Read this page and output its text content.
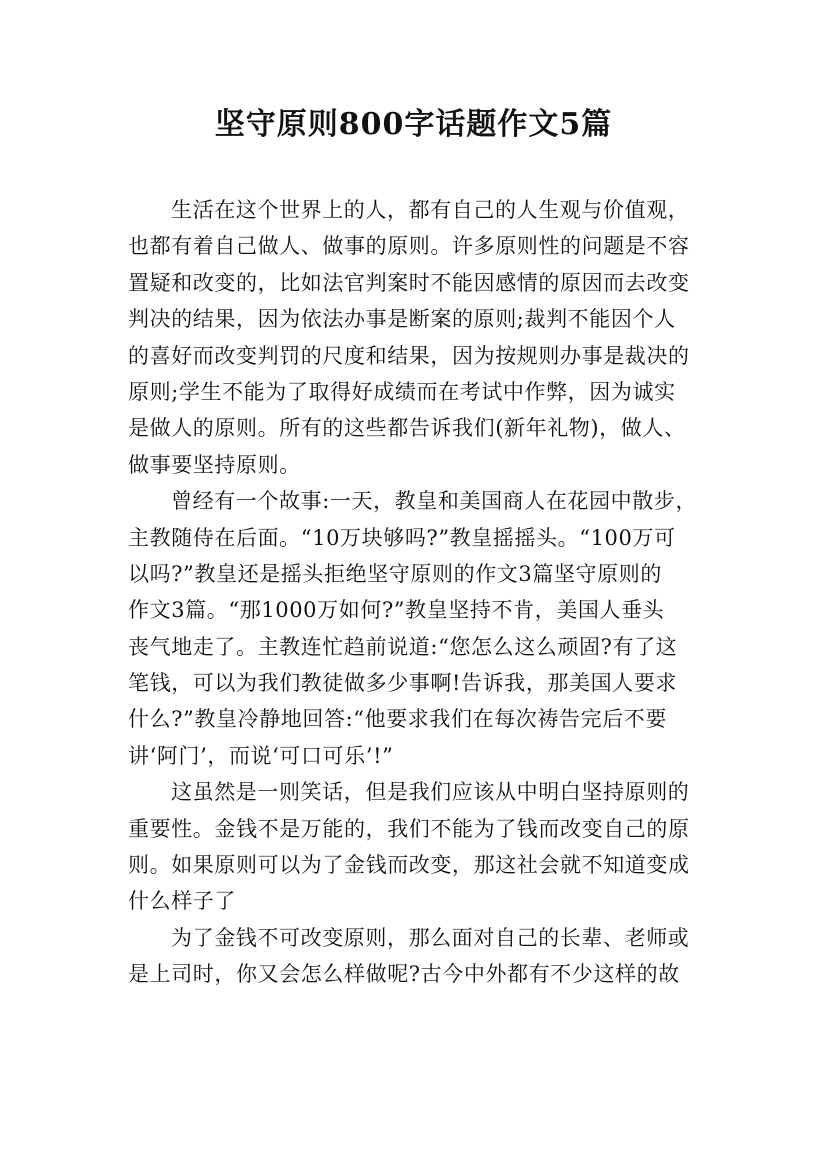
坚守原则800字话题作文5篇
生活在这个世界上的人，都有自己的人生观与价值观，
也都有着自己做人、做事的原则。许多原则性的问题是不容
置疑和改变的，比如法官判案时不能因感情的原因而去改变
判决的结果，因为依法办事是断案的原则;裁判不能因个人
的喜好而改变判罚的尺度和结果，因为按规则办事是裁决的
原则;学生不能为了取得好成绩而在考试中作弊，因为诚实
是做人的原则。所有的这些都告诉我们(新年礼物)，做人、
做事要坚持原则。
曾经有一个故事:一天，教皇和美国商人在花园中散步，
主教随侍在后面。“10万块够吗?”教皇摇摇头。“100万可
以吗?”教皇还是摇头拒绝坚守原则的作文3篇坚守原则的
作文3篇。“那1000万如何?”教皇坚持不肯，美国人垂头
丧气地走了。主教连忙趋前说道:“您怎么这么顽固?有了这
笔钱，可以为我们教徒做多少事啊!告诉我，那美国人要求
什么?”教皇冷静地回答:“他要求我们在每次祷告完后不要
讲‘阿门’，而说‘可口可乐’!”
这虽然是一则笑话，但是我们应该从中明白坚持原则的
重要性。金钱不是万能的，我们不能为了钱而改变自己的原
则。如果原则可以为了金钱而改变，那这社会就不知道变成
什么样子了
为了金钱不可改变原则，那么面对自己的长辈、老师或
是上司时，你又会怎么样做呢?古今中外都有不少这样的故
